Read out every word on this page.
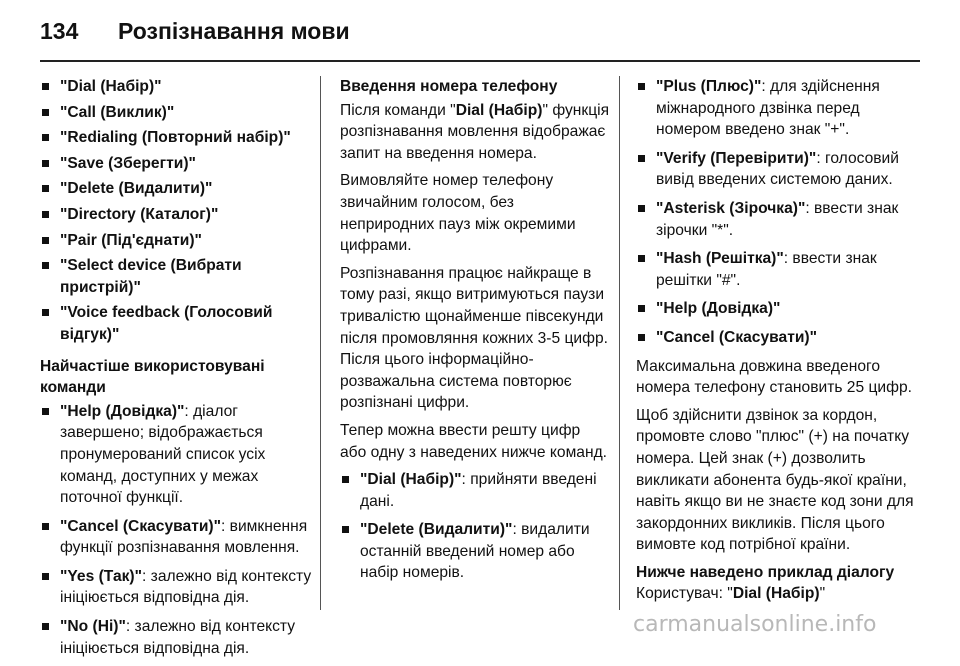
134 Розпізнавання мови
"Dial (Набір)"
"Call (Виклик)"
"Redialing (Повторний набір)"
"Save (Зберегти)"
"Delete (Видалити)"
"Directory (Каталог)"
"Pair (Під'єднати)"
"Select device (Вибрати пристрій)"
"Voice feedback (Голосовий відгук)"
Найчастіше використовувані команди
"Help (Довідка)": діалог завершено; відображається пронумерований список усіх команд, доступних у межах поточної функції.
"Cancel (Скасувати)": вимкнення функції розпізнавання мовлення.
"Yes (Так)": залежно від контексту ініціюється відповідна дія.
"No (Ні)": залежно від контексту ініціюється відповідна дія.
Введення номера телефону

Після команди "Dial (Набір)" функція розпізнавання мовлення відображає запит на введення номера.

Вимовляйте номер телефону звичайним голосом, без неприродних пауз між окремими цифрами.

Розпізнавання працює найкраще в тому разі, якщо витримуються паузи тривалістю щонайменше півсекунди після промовляння кожних 3-5 цифр. Після цього інформаційно-розважальна система повторює розпізнані цифри.

Тепер можна ввести решту цифр або одну з наведених нижче команд.

"Dial (Набір)": прийняти введені дані.
"Delete (Видалити)": видалити останній введений номер або набір номерів.
"Plus (Плюс)": для здійснення міжнародного дзвінка перед номером введено знак "+".
"Verify (Перевірити)": голосовий вивід введених системою даних.
"Asterisk (Зірочка)": ввести знак зірочки "*".
"Hash (Решітка)": ввести знак решітки "#".
"Help (Довідка)"
"Cancel (Скасувати)"

Максимальна довжина введеного номера телефону становить 25 цифр.

Щоб здійснити дзвінок за кордон, промовте слово "плюс" (+) на початку номера. Цей знак (+) дозволить викликати абонента будь-якої країни, навіть якщо ви не знаєте код зони для закордонних викликів. Після цього вимовте код потрібної країни.

Нижче наведено приклад діалогу

Користувач: "Dial (Набір)"

carmanualsonline.info
